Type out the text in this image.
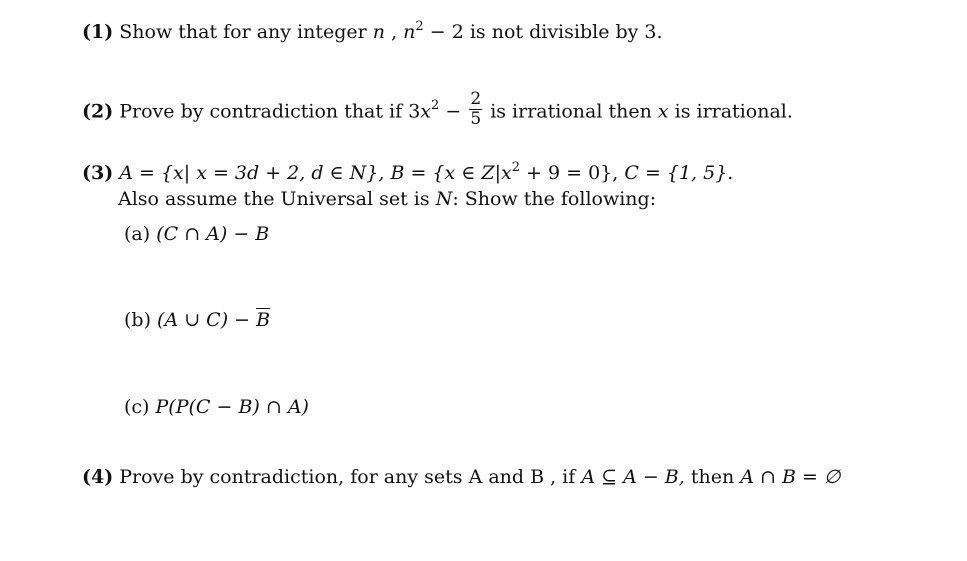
(1) Show that for any integer n , $n^2 - 2$ is not divisible by 3.
(2) Prove by contradiction that if $3x^2 - \frac{2}{5}$ is irrational then x is irrational.
(3) A = {x| x = 3d + 2, d ∈ N}, B = {x ∈ $Z|x^2 + 9 = 0$}, C = {1, 5}.
Also assume the Universal set is N: Show the following:
(a) (C ∩ A) − B
(b) (A ∪ $C) - \overline{B}$
(c) P(P(C − B) ∩ A)
(4) Prove by contradiction, for any sets A and B , if A ⊆ A − B, then A ∩ B = ∅
